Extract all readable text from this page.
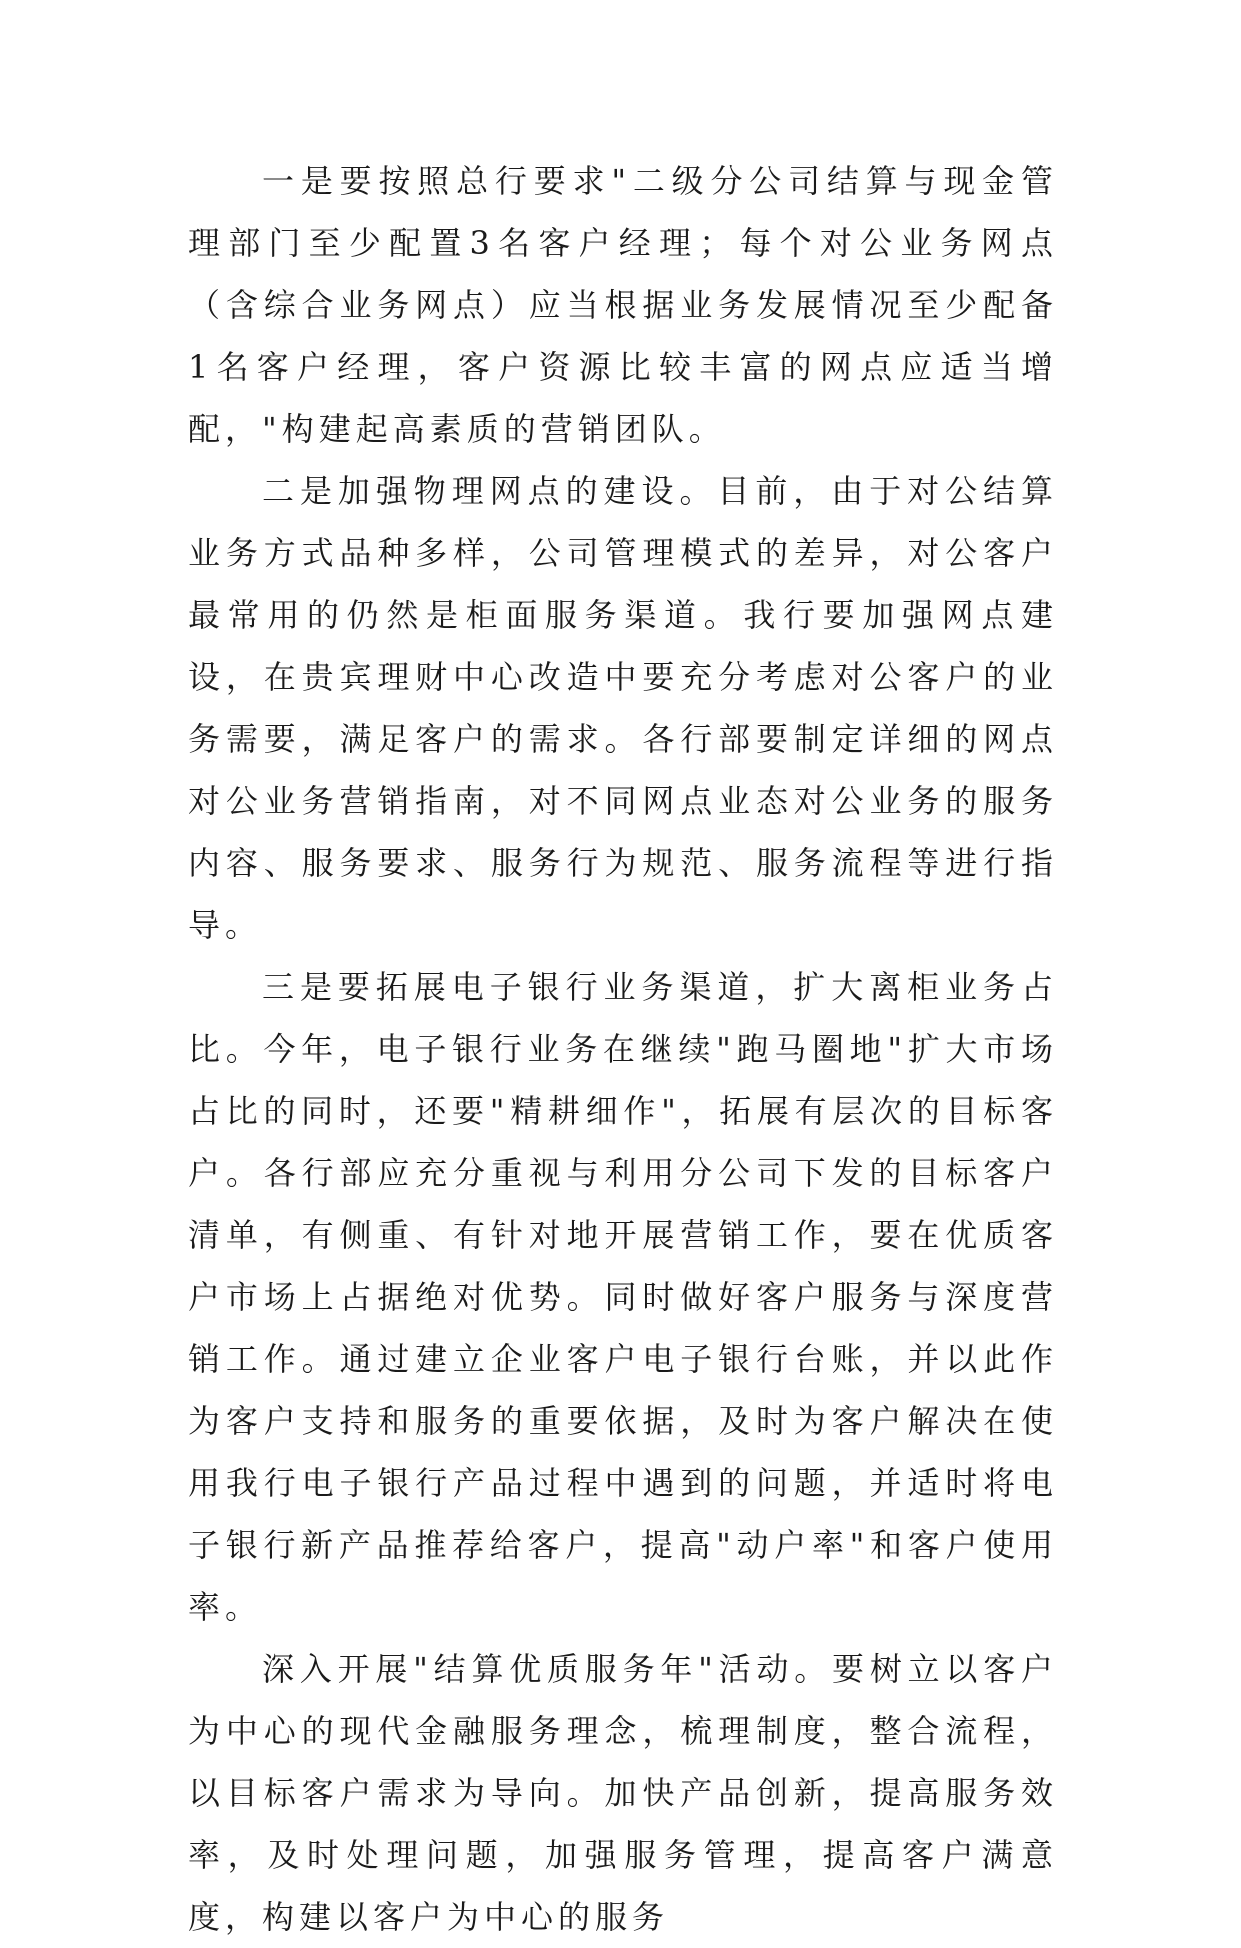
一是要按照总行要求"二级分公司结算与现金管理部门至少配置3名客户经理；每个对公业务网点（含综合业务网点）应当根据业务发展情况至少配备1名客户经理，客户资源比较丰富的网点应适当增配，"构建起高素质的营销团队。

二是加强物理网点的建设。目前，由于对公结算业务方式品种多样，公司管理模式的差异，对公客户最常用的仍然是柜面服务渠道。我行要加强网点建设，在贵宾理财中心改造中要充分考虑对公客户的业务需要，满足客户的需求。各行部要制定详细的网点对公业务营销指南，对不同网点业态对公业务的服务内容、服务要求、服务行为规范、服务流程等进行指导。

三是要拓展电子银行业务渠道，扩大离柜业务占比。今年，电子银行业务在继续"跑马圈地"扩大市场占比的同时，还要"精耕细作"，拓展有层次的目标客户。各行部应充分重视与利用分公司下发的目标客户清单，有侧重、有针对地开展营销工作，要在优质客户市场上占据绝对优势。同时做好客户服务与深度营销工作。通过建立企业客户电子银行台账，并以此作为客户支持和服务的重要依据，及时为客户解决在使用我行电子银行产品过程中遇到的问题，并适时将电子银行新产品推荐给客户，提高"动户率"和客户使用率。

深入开展"结算优质服务年"活动。要树立以客户为中心的现代金融服务理念，梳理制度，整合流程，以目标客户需求为导向。加快产品创新，提高服务效率，及时处理问题，加强服务管理，提高客户满意度，构建以客户为中心的服务
